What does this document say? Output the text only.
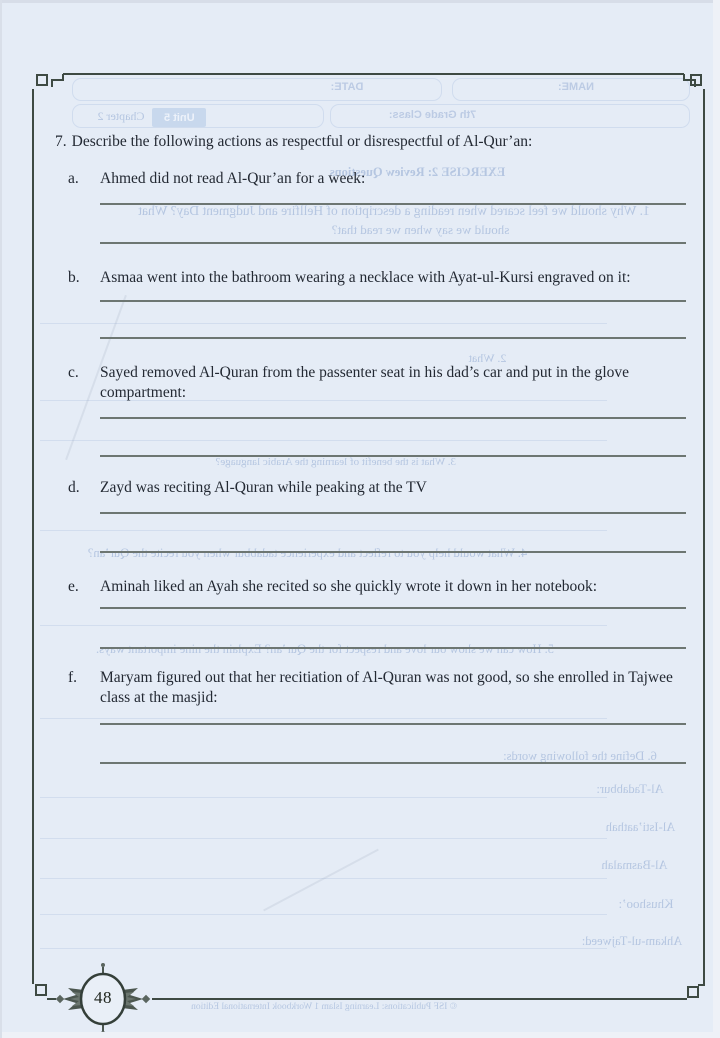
DATE:	NAME:
7th Grade Class:
Chapter 2	Unit 5
EXERCISE 2: Review Questions
1. Why should we feel scared when reading a description of Hellfire and Judgment Day? What
should we say when we read that?
2. What
3. What is the benefit of learning the Arabic language?
4. What would help you to reflect and experience tadabbur when you recite the Qur’an?
5. How can we show our love and respect for the Qur’an? Explain the nine important ways.
6. Define the following words:
Al-Tadabbur:
Al-Isti’aathah
Al-Basmalah
Khushoo’:
Ahkam-ul-Tajweed:
© ISF Publications: Learning Islam 1 Workbook International Edition
7. Describe the following actions as respectful or disrespectful of Al-Qur’an:
a. Ahmed did not read Al-Qur’an for a week:
b. Asmaa went into the bathroom wearing a necklace with Ayat-ul-Kursi engraved on it:
c. Sayed removed Al-Quran from the passenter seat in his dad’s car and put in the glove compartment:
d. Zayd was reciting Al-Quran while peaking at the TV
e. Aminah liked an Ayah she recited so she quickly wrote it down in her notebook:
f. Maryam figured out that her recitiation of Al-Quran was not good, so she enrolled in Tajwee class at the masjid:
48
